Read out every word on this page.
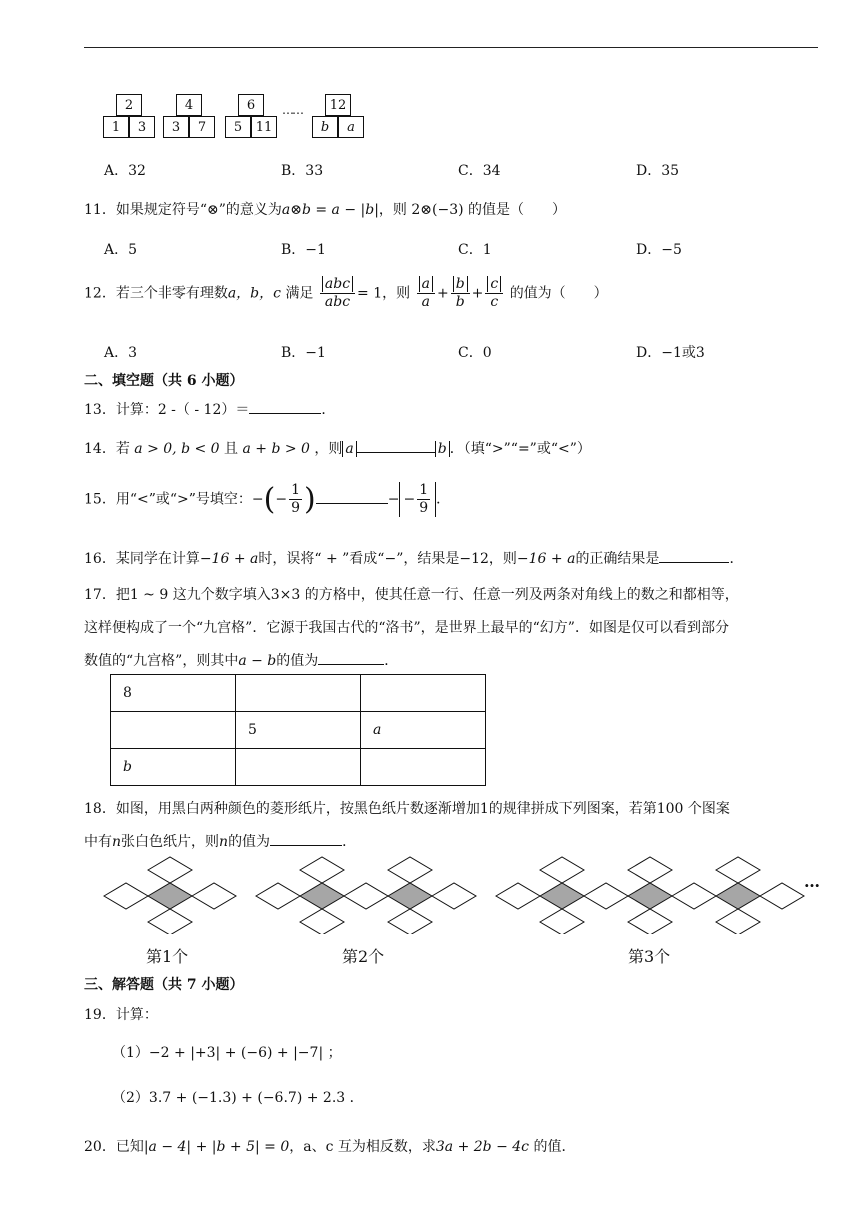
2
1	3
4
3	7
6
5	11
……	12
b	a
A．32	B．33	C．34	D．35
11．如果规定符号“⊗”的意义为a⊗b = a − |b|，则 2⊗(−3) 的值是（　　）
A．5	B．−1	C．1	D．−5
12．若三个非零有理数a，b，c 满足 $\frac{\text{abc}}{\text{abc}} = 1$，则 $\frac{a}{a} + \frac{b}{b} + \frac{c}{c}$ 的值为（　　）
A．3	B．−1	C．0	D．−1或3
二、填空题（共 6 小题）
13．计算：2 -（ - 12）＝	．
14．若 a > 0, b < 0 且 a + b > 0 ，则 a	b ．（填“>”“=”或“<”）
15．用“<”或“>”号填空：−(− $\frac{1}{9}$ )	− − $\frac{1}{9}$ ．
16．某同学在计算−16 + a时，误将“ + ”看成“−”，结果是−12，则−16 + a的正确结果是	．
17．把1 ~ 9 这九个数字填入3×3 的方格中，使其任意一行、任意一列及两条对角线上的数之和都相等，
这样便构成了一个“九宫格”．它源于我国古代的“洛书”，是世界上最早的“幻方”．如图是仅可以看到部分
数值的“九宫格”，则其中a − b的值为	．
8		
	5	a
b		
18．如图，用黑白两种颜色的菱形纸片，按黑色纸片数逐渐增加1的规律拼成下列图案，若第100 个图案
中有n张白色纸片，则n的值为	．
…
第1个	第2个	第3个
三、解答题（共 7 小题）
19．计算：
（1）−2 + |+3| + (−6) + |−7| ；
（2）3.7 + (−1.3) + (−6.7) + 2.3 ．
20．已知|a − 4| + |b + 5| = 0，a、c 互为相反数，求3a + 2b − 4c 的值．
